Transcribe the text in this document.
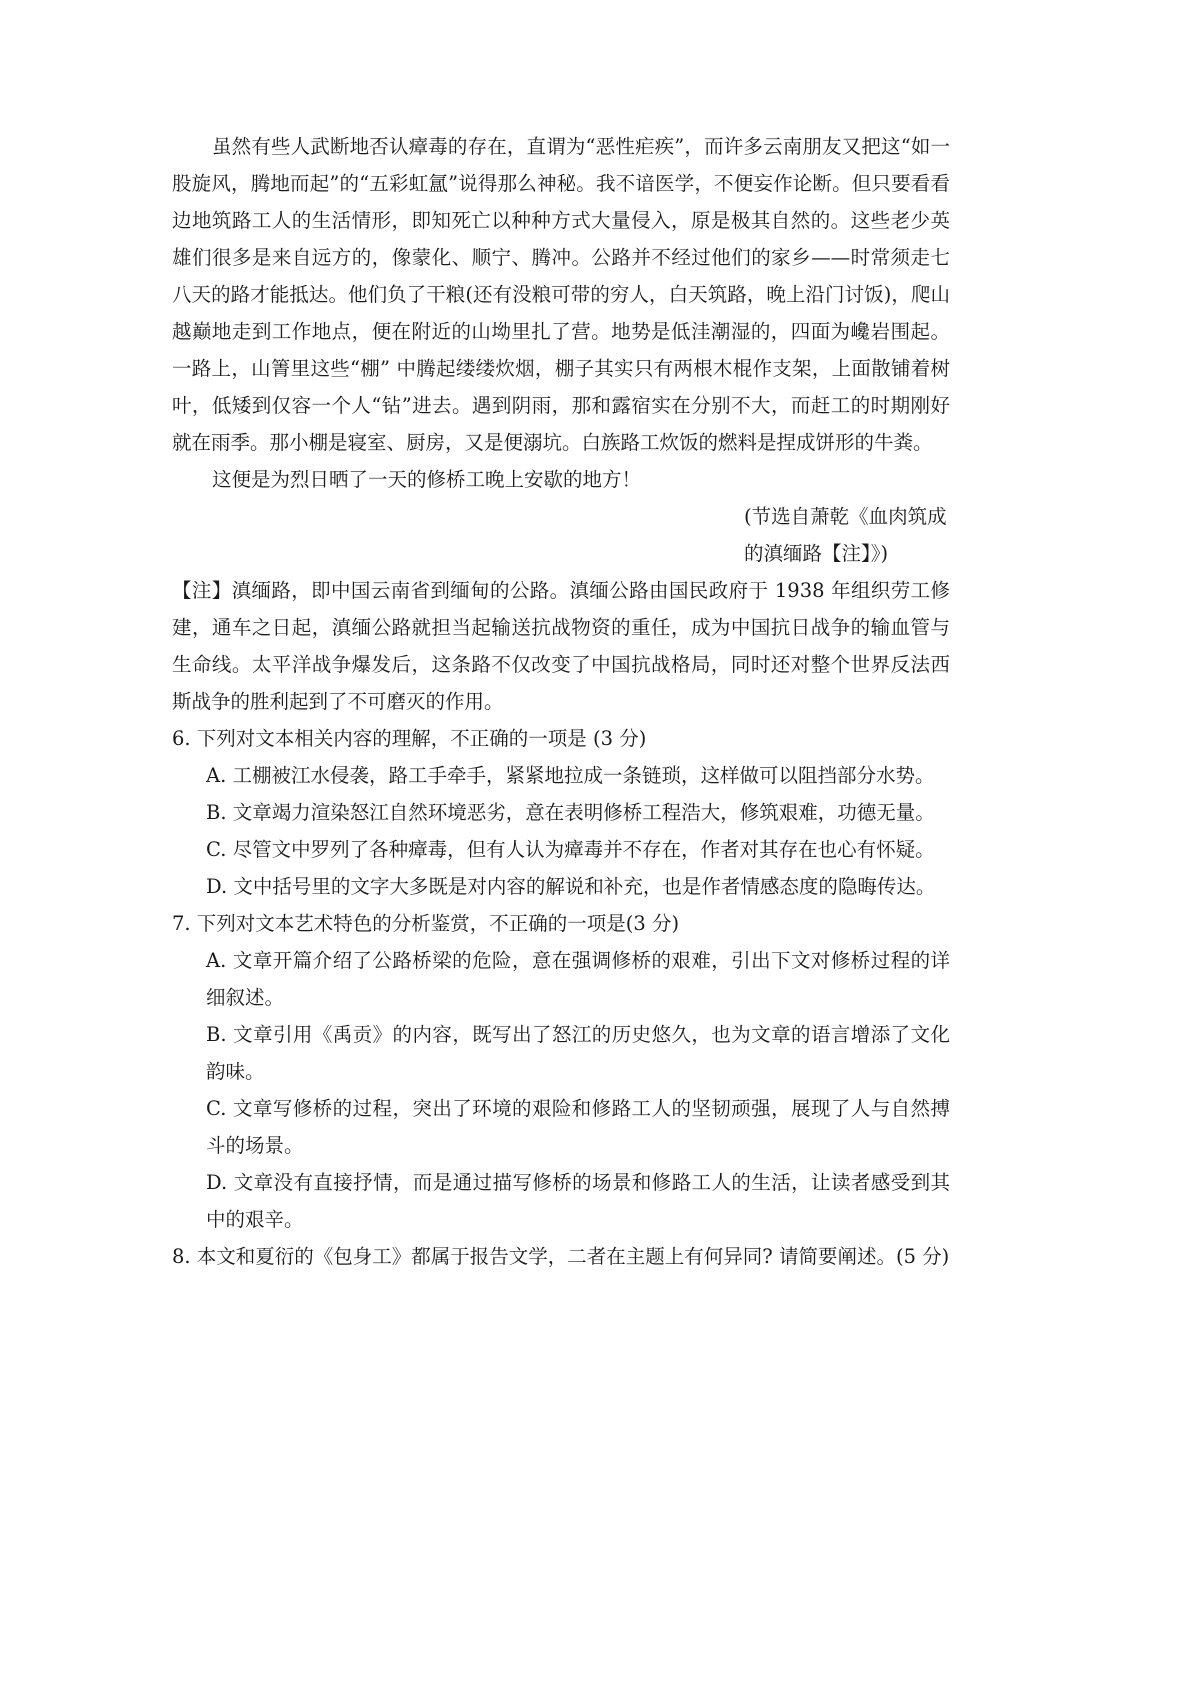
虽然有些人武断地否认瘴毒的存在，直谓为“恶性疟疾”，而许多云南朋友又把这“如一股旋风，腾地而起”的“五彩虹氲”说得那么神秘。我不谙医学，不便妄作论断。但只要看看边地筑路工人的生活情形，即知死亡以种种方式大量侵入，原是极其自然的。这些老少英雄们很多是来自远方的，像蒙化、顺宁、腾冲。公路并不经过他们的家乡——时常须走七八天的路才能抵达。他们负了干粮(还有没粮可带的穷人，白天筑路，晚上沿门讨饭)，爬山越巅地走到工作地点，便在附近的山坳里扎了营。地势是低洼潮湿的，四面为巉岩围起。一路上，山箐里这些“棚” 中腾起缕缕炊烟，棚子其实只有两根木棍作支架，上面散铺着树叶，低矮到仅容一个人“钻”进去。遇到阴雨，那和露宿实在分别不大，而赶工的时期刚好就在雨季。那小棚是寝室、厨房，又是便溺坑。白族路工炊饭的燃料是捏成饼形的牛粪。

这便是为烈日晒了一天的修桥工晚上安歇的地方！

(节选自萧乾《血肉筑成
的滇缅路【注】》)

【注】滇缅路，即中国云南省到缅甸的公路。滇缅公路由国民政府于 1938 年组织劳工修建，通车之日起，滇缅公路就担当起输送抗战物资的重任，成为中国抗日战争的输血管与生命线。太平洋战争爆发后，这条路不仅改变了中国抗战格局，同时还对整个世界反法西斯战争的胜利起到了不可磨灭的作用。

6. 下列对文本相关内容的理解，不正确的一项是 (3 分)

A. 工棚被江水侵袭，路工手牵手，紧紧地拉成一条链琐，这样做可以阻挡部分水势。

B. 文章竭力渲染怒江自然环境恶劣，意在表明修桥工程浩大，修筑艰难，功德无量。

C. 尽管文中罗列了各种瘴毒，但有人认为瘴毒并不存在，作者对其存在也心有怀疑。

D. 文中括号里的文字大多既是对内容的解说和补充，也是作者情感态度的隐晦传达。

7. 下列对文本艺术特色的分析鉴赏，不正确的一项是(3 分)

A. 文章开篇介绍了公路桥梁的危险，意在强调修桥的艰难，引出下文对修桥过程的详细叙述。

B. 文章引用《禹贡》的内容，既写出了怒江的历史悠久，也为文章的语言增添了文化韵味。

C. 文章写修桥的过程，突出了环境的艰险和修路工人的坚韧顽强，展现了人与自然搏斗的场景。

D. 文章没有直接抒情，而是通过描写修桥的场景和修路工人的生活，让读者感受到其中的艰辛。

8. 本文和夏衍的《包身工》都属于报告文学，二者在主题上有何异同? 请简要阐述。(5 分)
